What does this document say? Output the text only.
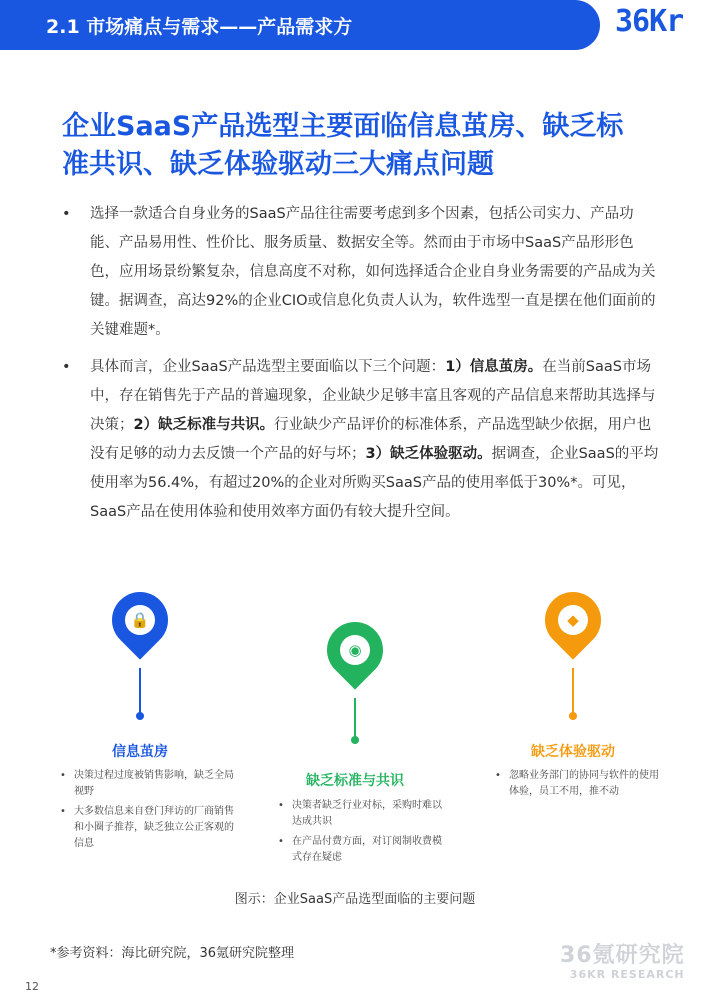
2.1 市场痛点与需求——产品需求方	36Kr
企业SaaS产品选型主要面临信息茧房、缺乏标
准共识、缺乏体验驱动三大痛点问题
• 选择一款适合自身业务的SaaS产品往往需要考虑到多个因素，包括公司实力、产品功能、产品易用性、性价比、服务质量、数据安全等。然而由于市场中SaaS产品形形色色，应用场景纷繁复杂，信息高度不对称，如何选择适合企业自身业务需要的产品成为关键。据调查，高达92%的企业CIO或信息化负责人认为，软件选型一直是摆在他们面前的关键难题*。
• 具体而言，企业SaaS产品选型主要面临以下三个问题：1）信息茧房。在当前SaaS市场中，存在销售先于产品的普遍现象，企业缺少足够丰富且客观的产品信息来帮助其选择与决策；2）缺乏标准与共识。行业缺少产品评价的标准体系，产品选型缺少依据，用户也没有足够的动力去反馈一个产品的好与坏；3）缺乏体验驱动。据调查，企业SaaS的平均使用率为56.4%，有超过20%的企业对所购买SaaS产品的使用率低于30%*。可见，SaaS产品在使用体验和使用效率方面仍有较大提升空间。
🔒
信息茧房
• 决策过程过度被销售影响，缺乏全局视野
• 大多数信息来自登门拜访的厂商销售和小圈子推荐，缺乏独立公正客观的信息
◉
缺乏标准与共识
• 决策者缺乏行业对标，采购时难以达成共识
• 在产品付费方面，对订阅制收费模式存在疑虑
◆
缺乏体验驱动
• 忽略业务部门的协同与软件的使用体验，员工不用，推不动
图示：企业SaaS产品选型面临的主要问题
*参考资料：海比研究院，36氪研究院整理
12
36氪研究院
36KR RESEARCH
